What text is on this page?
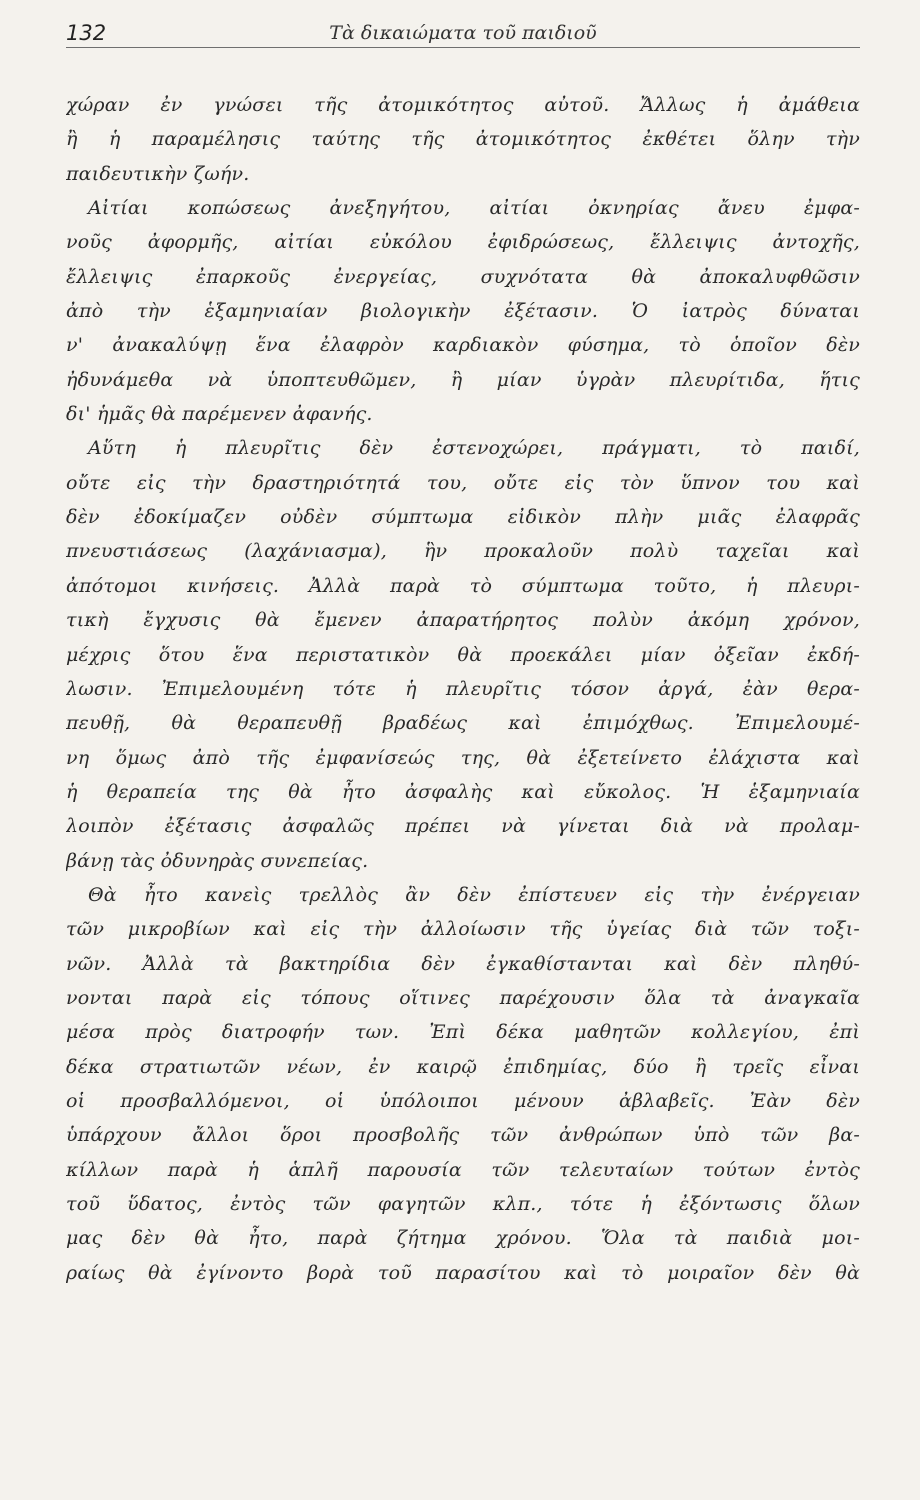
132	Τὰ δικαιώματα τοῦ παιδιοῦ
χώραν ἐν γνώσει τῆς ἀτομικότητος αὐτοῦ. Ἄλλως ἡ ἀμάθεια
ἢ ἡ παραμέλησις ταύτης τῆς ἀτομικότητος ἐκθέτει ὅλην τὴν
παιδευτικὴν ζωήν.
Αἰτίαι κοπώσεως ἀνεξηγήτου, αἰτίαι ὀκνηρίας ἄνευ ἐμφα-
νοῦς ἀφορμῆς, αἰτίαι εὐκόλου ἐφιδρώσεως, ἔλλειψις ἀντοχῆς,
ἔλλειψις ἐπαρκοῦς ἐνεργείας, συχνότατα θὰ ἀποκαλυφθῶσιν
ἀπὸ τὴν ἑξαμηνιαίαν βιολογικὴν ἐξέτασιν. Ὁ ἰατρὸς δύναται
ν' ἀνακαλύψῃ ἕνα ἐλαφρὸν καρδιακὸν φύσημα, τὸ ὁποῖον δὲν
ἠδυνάμεθα νὰ ὑποπτευθῶμεν, ἢ μίαν ὑγρὰν πλευρίτιδα, ἥτις
δι' ἡμᾶς θὰ παρέμενεν ἀφανής.
Αὕτη ἡ πλευρῖτις δὲν ἐστενοχώρει, πράγματι, τὸ παιδί,
οὔτε εἰς τὴν δραστηριότητά του, οὔτε εἰς τὸν ὕπνον του καὶ
δὲν ἐδοκίμαζεν οὐδὲν σύμπτωμα εἰδικὸν πλὴν μιᾶς ἐλαφρᾶς
πνευστιάσεως (λαχάνιασμα), ἣν προκαλοῦν πολὺ ταχεῖαι καὶ
ἀπότομοι κινήσεις. Ἀλλὰ παρὰ τὸ σύμπτωμα τοῦτο, ἡ πλευρι-
τικὴ ἔγχυσις θὰ ἔμενεν ἀπαρατήρητος πολὺν ἀκόμη χρόνον,
μέχρις ὅτου ἕνα περιστατικὸν θὰ προεκάλει μίαν ὀξεῖαν ἐκδή-
λωσιν. Ἐπιμελουμένη τότε ἡ πλευρῖτις τόσον ἀργά, ἐὰν θερα-
πευθῇ, θὰ θεραπευθῇ βραδέως καὶ ἐπιμόχθως. Ἐπιμελουμέ-
νη ὅμως ἀπὸ τῆς ἐμφανίσεώς της, θὰ ἐξετείνετο ἐλάχιστα καὶ
ἡ θεραπεία της θὰ ἦτο ἀσφαλὴς καὶ εὔκολος. Ἡ ἑξαμηνιαία
λοιπὸν ἐξέτασις ἀσφαλῶς πρέπει νὰ γίνεται διὰ νὰ προλαμ-
βάνῃ τὰς ὀδυνηρὰς συνεπείας.
Θὰ ἦτο κανεὶς τρελλὸς ἂν δὲν ἐπίστευεν εἰς τὴν ἐνέργειαν
τῶν μικροβίων καὶ εἰς τὴν ἀλλοίωσιν τῆς ὑγείας διὰ τῶν τοξι-
νῶν. Ἀλλὰ τὰ βακτηρίδια δὲν ἐγκαθίστανται καὶ δὲν πληθύ-
νονται παρὰ εἰς τόπους οἵτινες παρέχουσιν ὅλα τὰ ἀναγκαῖα
μέσα πρὸς διατροφήν των. Ἐπὶ δέκα μαθητῶν κολλεγίου, ἐπὶ
δέκα στρατιωτῶν νέων, ἐν καιρῷ ἐπιδημίας, δύο ἢ τρεῖς εἶναι
οἱ προσβαλλόμενοι, οἱ ὑπόλοιποι μένουν ἀβλαβεῖς. Ἐὰν δὲν
ὑπάρχουν ἄλλοι ὅροι προσβολῆς τῶν ἀνθρώπων ὑπὸ τῶν βα-
κίλλων παρὰ ἡ ἁπλῆ παρουσία τῶν τελευταίων τούτων ἐντὸς
τοῦ ὕδατος, ἐντὸς τῶν φαγητῶν κλπ., τότε ἡ ἐξόντωσις ὅλων
μας δὲν θὰ ἦτο, παρὰ ζήτημα χρόνου. Ὅλα τὰ παιδιὰ μοι-
ραίως θὰ ἐγίνοντο βορὰ τοῦ παρασίτου καὶ τὸ μοιραῖον δὲν θὰ
